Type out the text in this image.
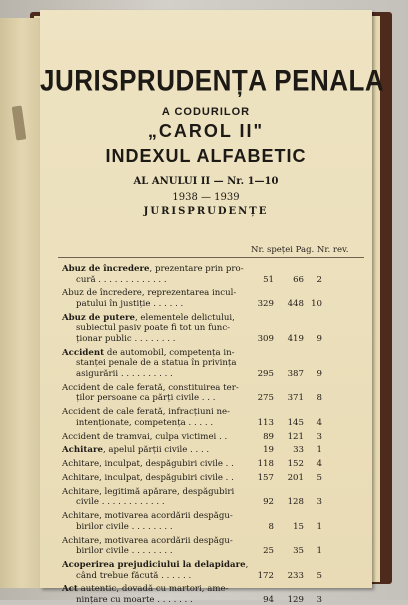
JURISPRUDENȚA PENALA
A CODURILOR
„CAROL II"
INDEXUL ALFABETIC
AL ANULUI II — Nr. 1—10
1938 — 1939
JURISPRUDENȚE
Nr. speței Pag. Nr. rev.
Abuz de încredere, prezentare prin pro-
cură . . . . . . . . . . . . .	51	66	2
Abuz de încredere, reprezentarea incul-
patului în justiție . . . . . .	329	448 10
Abuz de putere, elementele delictului,
subiectul pasiv poate fi tot un func-
ționar public . . . . . . . .	309	419	9
Accident de automobil, competența in-
stanței penale de a statua în privința
asigurării . . . . . . . . . .	295	387	9
Accident de cale ferată, constituirea ter-
ților persoane ca părți civile . . .	275	371	8
Accident de cale ferată, infracțiuni ne-
intenționate, competența . . . . .	113	145	4
Accident de tramvai, culpa victimei . .	89	121	3
Achitare, apelul părții civile . . . .	19	33	1
Achitare, inculpat, despăgubiri civile . .	118	152	4
Achitare, inculpat, despăgubiri civile . .	157	201	5
Achitare, legitimă apărare, despăgubiri
civile . . . . . . . . . . . .	92	128	3
Achitare, motivarea acordării despăgu-
birilor civile . . . . . . . .	8	15	1
Achitare, motivarea acordării despăgu-
birilor civile . . . . . . . .	25	35	1
Acoperirea prejudiciului la delapidare,
când trebue făcută . . . . . .	172	233	5
Act autentic, dovadă cu martori, ame-
nințare cu moarte . . . . . . .	94	129	3
